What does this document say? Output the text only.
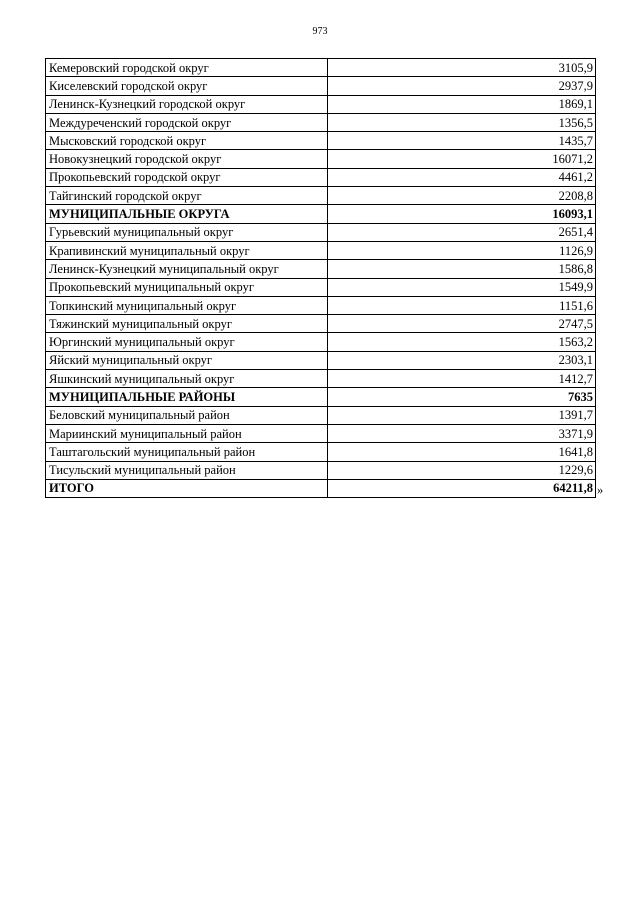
973
Кемеровский городской округ	3105,9
Киселевский городской округ	2937,9
Ленинск-Кузнецкий городской округ	1869,1
Междуреченский городской округ	1356,5
Мысковский городской округ	1435,7
Новокузнецкий городской округ	16071,2
Прокопьевский городской округ	4461,2
Тайгинский городской округ	2208,8
МУНИЦИПАЛЬНЫЕ ОКРУГА	16093,1
Гурьевский муниципальный округ	2651,4
Крапивинский муниципальный округ	1126,9
Ленинск-Кузнецкий муниципальный округ	1586,8
Прокопьевский муниципальный округ	1549,9
Топкинский муниципальный округ	1151,6
Тяжинский муниципальный округ	2747,5
Юргинский муниципальный округ	1563,2
Яйский муниципальный округ	2303,1
Яшкинский муниципальный округ	1412,7
МУНИЦИПАЛЬНЫЕ РАЙОНЫ	7635
Беловский муниципальный район	1391,7
Мариинский муниципальный район	3371,9
Таштагольский муниципальный район	1641,8
Тисульский муниципальный район	1229,6
ИТОГО	64211,8 »
